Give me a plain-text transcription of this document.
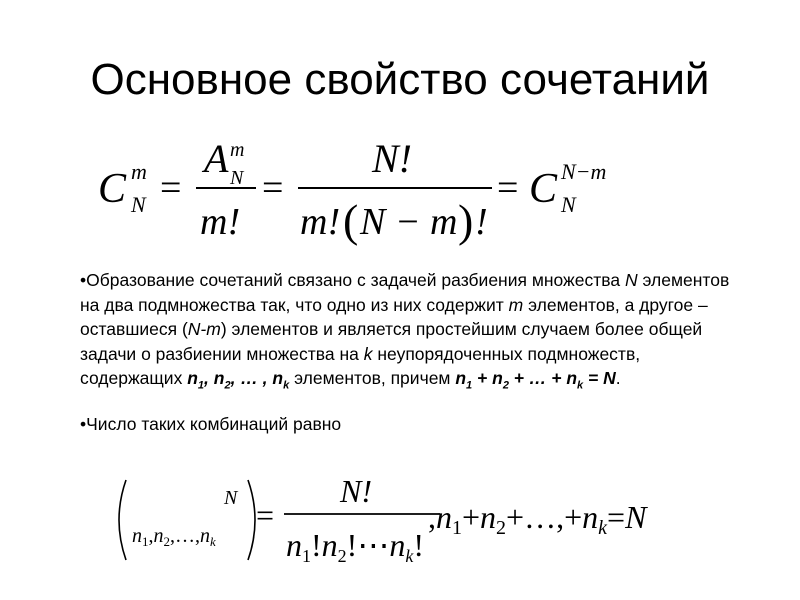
Основное свойство сочетаний
C m
N =
A m
N
m!
=
N!
m! ( N − m ) !
= C N−m
N

•Образование сочетаний связано с задачей разбиения множества N элементов на два подмножества так, что одно из них содержит m элементов, а другое – оставшиеся (N-m) элементов и является простейшим случаем более общей задачи о разбиении множества на k неупорядоченных подмножеств, содержащих $n_1$, $n_2$, … , $n_k$ элементов, причем $n_1 + n_2$ + … + $n_k = N$.

•Число таких комбинаций равно

N
$n_1,n_2,\dots,n_k$
=
N!
n1!n2!⋯nk!
,n1+n2+…,+nk=N
